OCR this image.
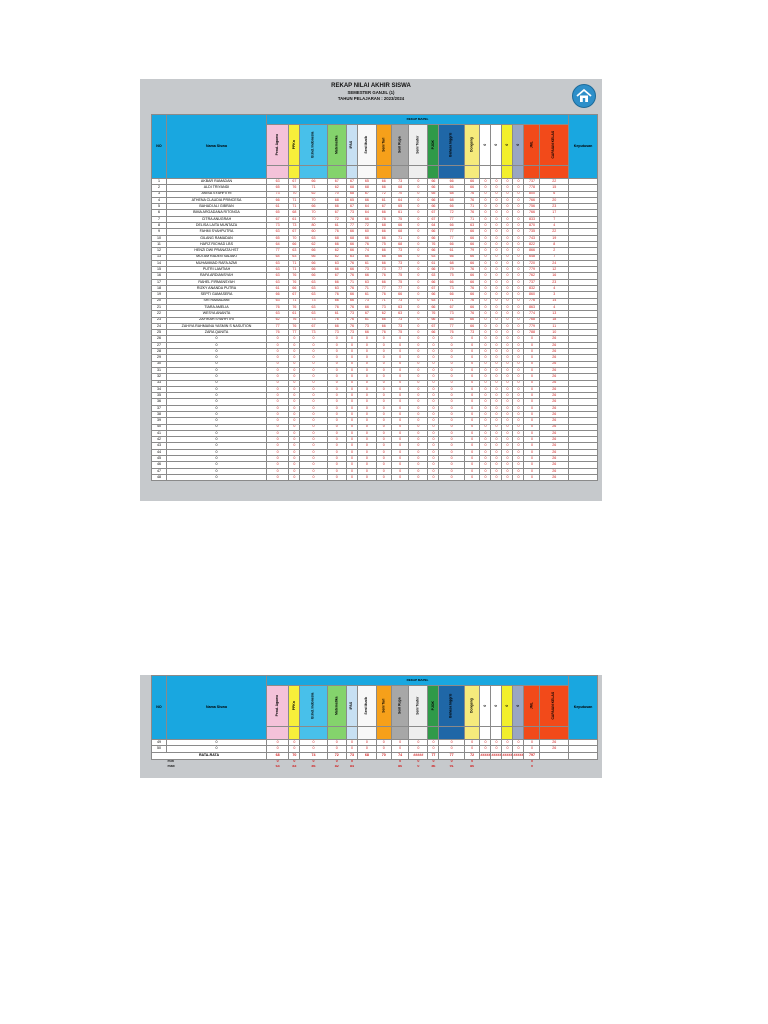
REKAP NILAI AKHIR SISWA
SEMESTER GANJIL (1)
TAHUN PELAJARAN : 2023/2024
NO	Nama Siswa	REKAP MAPEL																		Keputusan
		Pend. Agama	PPKn	B.Ind. Indonesia	Matematika	IPAS	Seni Musik	Seni Tari	Seni Rupa	Seni Teater	PJOK	Bahasa Inggris	Dongeng	0	0	0	0	JML	CAPAIAN KELAS	

1	AKBAR RAMADAN	63	67	66	67	67	65	66	73	0	66	66	66	0	0	0	0	737	22	
2	ALDI TRIYANDI	65	76	71	62	68	68	66	68	0	66	66	66	0	0	0	0	778	15	
3	ANISA SYAHFITRI	73	70	62	70	68	67	72	70	0	65	68	76	0	0	0	0	800	6	
4	ATHENA CLAUDIA PRINCESA	66	71	70	68	65	66	61	64	0	66	68	76	0	0	0	0	766	20	
5	BAHADI ALI GIBRAN	61	71	66	66	67	64	67	65	0	66	66	71	0	0	0	0	756	23	
6	BIMA ARGADANA RITONGA	65	68	70	67	73	64	66	61	0	67	72	76	0	0	0	0	766	17	
7	CITRA ANUGRAH	67	61	70	72	78	66	78	75	0	67	77	71	0	0	0	0	833	7	
8	DELISA LAITA MUNTAZA	73	73	80	61	77	72	68	66	0	64	66	63	0	0	0	0	870	4	
9	FAHMI SYAHPUTRA	63	67	60	76	66	60	66	68	0	66	77	66	0	0	0	0	735	22	
10	GILANG RAMADAN	65	70	63	68	68	66	66	71	0	66	77	66	0	0	0	0	743	19	
11	HAFIZ RICHAD LBS	64	66	62	66	66	76	75	68	0	76	66	66	0	0	0	0	822	8	
12	HENZI DWI PRANATA HST	77	63	66	62	66	74	66	73	0	66	61	79	0	0	0	0	866	2	
13	MUTAM RADEN SADAKI	64	63	66	62	63	66	68	66	0	63	66	66	0	0	0	0	648	7	
14	MUHAMMAD RAFA AZMI	63	71	66	63	76	61	66	73	0	61	68	66	0	0	0	0	720	24	
15	PUTRI LAMTIAH	63	71	66	66	66	73	73	77	0	66	79	76	0	0	0	0	779	12	
16	RAFA ARDIANSYAH	63	76	66	67	76	66	76	75	0	63	75	66	0	0	0	0	762	16	
17	RAHEL FIRMANSYAH	63	76	63	66	71	63	66	75	0	66	66	66	0	0	0	0	737	23	
18	RIZKY ANANDA PUTRA	61	66	63	63	76	71	77	77	0	67	73	76	0	0	0	0	832	4	
19	SEPTI GAMASERA	66	67	63	76	66	61	76	66	0	66	66	66	0	0	0	0	860	3	
20	SRI RAMADANI	63	71	73	66	66	73	71	73	0	63	71	76	0	0	0	0	776	14	
21	TIARA AMELIA	76	76	63	76	76	66	73	63	0	66	67	66	0	0	0	0	863	4	
22	WESYA ANANTA	63	61	63	61	73	67	62	63	0	76	73	76	0	0	0	0	774	13	
23	ZAFIRAH SYAHFITRI	62	76	73	76	76	61	66	73	0	66	66	66	0	0	0	0	768	18	
24	ZAHIYA RAHMAINA YASMIN S NASUTION	77	76	67	66	76	73	66	73	0	67	77	66	0	0	0	0	779	11	
25	ZARA QANITA	76	77	73	73	73	66	76	75	0	66	76	73	0	0	0	0	788	10	
26	0	0	0	0	0	0	0	0	0	0	0	0	0	0	0	0	0	0	26	
27	0	0	0	0	0	0	0	0	0	0	0	0	0	0	0	0	0	0	26	
28	0	0	0	0	0	0	0	0	0	0	0	0	0	0	0	0	0	0	26	
29	0	0	0	0	0	0	0	0	0	0	0	0	0	0	0	0	0	0	26	
30	0	0	0	0	0	0	0	0	0	0	0	0	0	0	0	0	0	0	26	
31	0	0	0	0	0	0	0	0	0	0	0	0	0	0	0	0	0	0	26	
32	0	0	0	0	0	0	0	0	0	0	0	0	0	0	0	0	0	0	26	
33	0	0	0	0	0	0	0	0	0	0	0	0	0	0	0	0	0	0	26	
34	0	0	0	0	0	0	0	0	0	0	0	0	0	0	0	0	0	0	26	
35	0	0	0	0	0	0	0	0	0	0	0	0	0	0	0	0	0	0	26	
36	0	0	0	0	0	0	0	0	0	0	0	0	0	0	0	0	0	0	26	
37	0	0	0	0	0	0	0	0	0	0	0	0	0	0	0	0	0	0	26	
38	0	0	0	0	0	0	0	0	0	0	0	0	0	0	0	0	0	0	26	
39	0	0	0	0	0	0	0	0	0	0	0	0	0	0	0	0	0	0	26	
40	0	0	0	0	0	0	0	0	0	0	0	0	0	0	0	0	0	0	26	
41	0	0	0	0	0	0	0	0	0	0	0	0	0	0	0	0	0	0	26	
42	0	0	0	0	0	0	0	0	0	0	0	0	0	0	0	0	0	0	26	
43	0	0	0	0	0	0	0	0	0	0	0	0	0	0	0	0	0	0	26	
44	0	0	0	0	0	0	0	0	0	0	0	0	0	0	0	0	0	0	26	
45	0	0	0	0	0	0	0	0	0	0	0	0	0	0	0	0	0	0	26	
46	0	0	0	0	0	0	0	0	0	0	0	0	0	0	0	0	0	0	26	
47	0	0	0	0	0	0	0	0	0	0	0	0	0	0	0	0	0	0	26	
48	0	0	0	0	0	0	0	0	0	0	0	0	0	0	0	0	0	0	26	
NO	Nama Siswa	REKAP MAPEL																		Keputusan
		Pend. Agama	PPKn	B.Ind. Indonesia	Matematika	IPAS	Seni Musik	Seni Tari	Seni Rupa	Seni Teater	PJOK	Bahasa Inggris	Dongeng	0	0	0	0	JML	CAPAIAN KELAS	

49	0	0	0	0	0	0	0	0	0	0	0	0	0	0	0	0	0	0	26	
50	0	0	0	0	0	0	0	0	0	0	0	0	0	0	0	0	0	0	26	
RATA-RATA		68	70	74	72	73	68	70	74	#####	77	77	72	#####	#####	#####	#####	797		
	min	0	0	0	0	0			0	0	0	0	0					0		
	max	64	83	86	82	84			86	0	86	91	86					0		
